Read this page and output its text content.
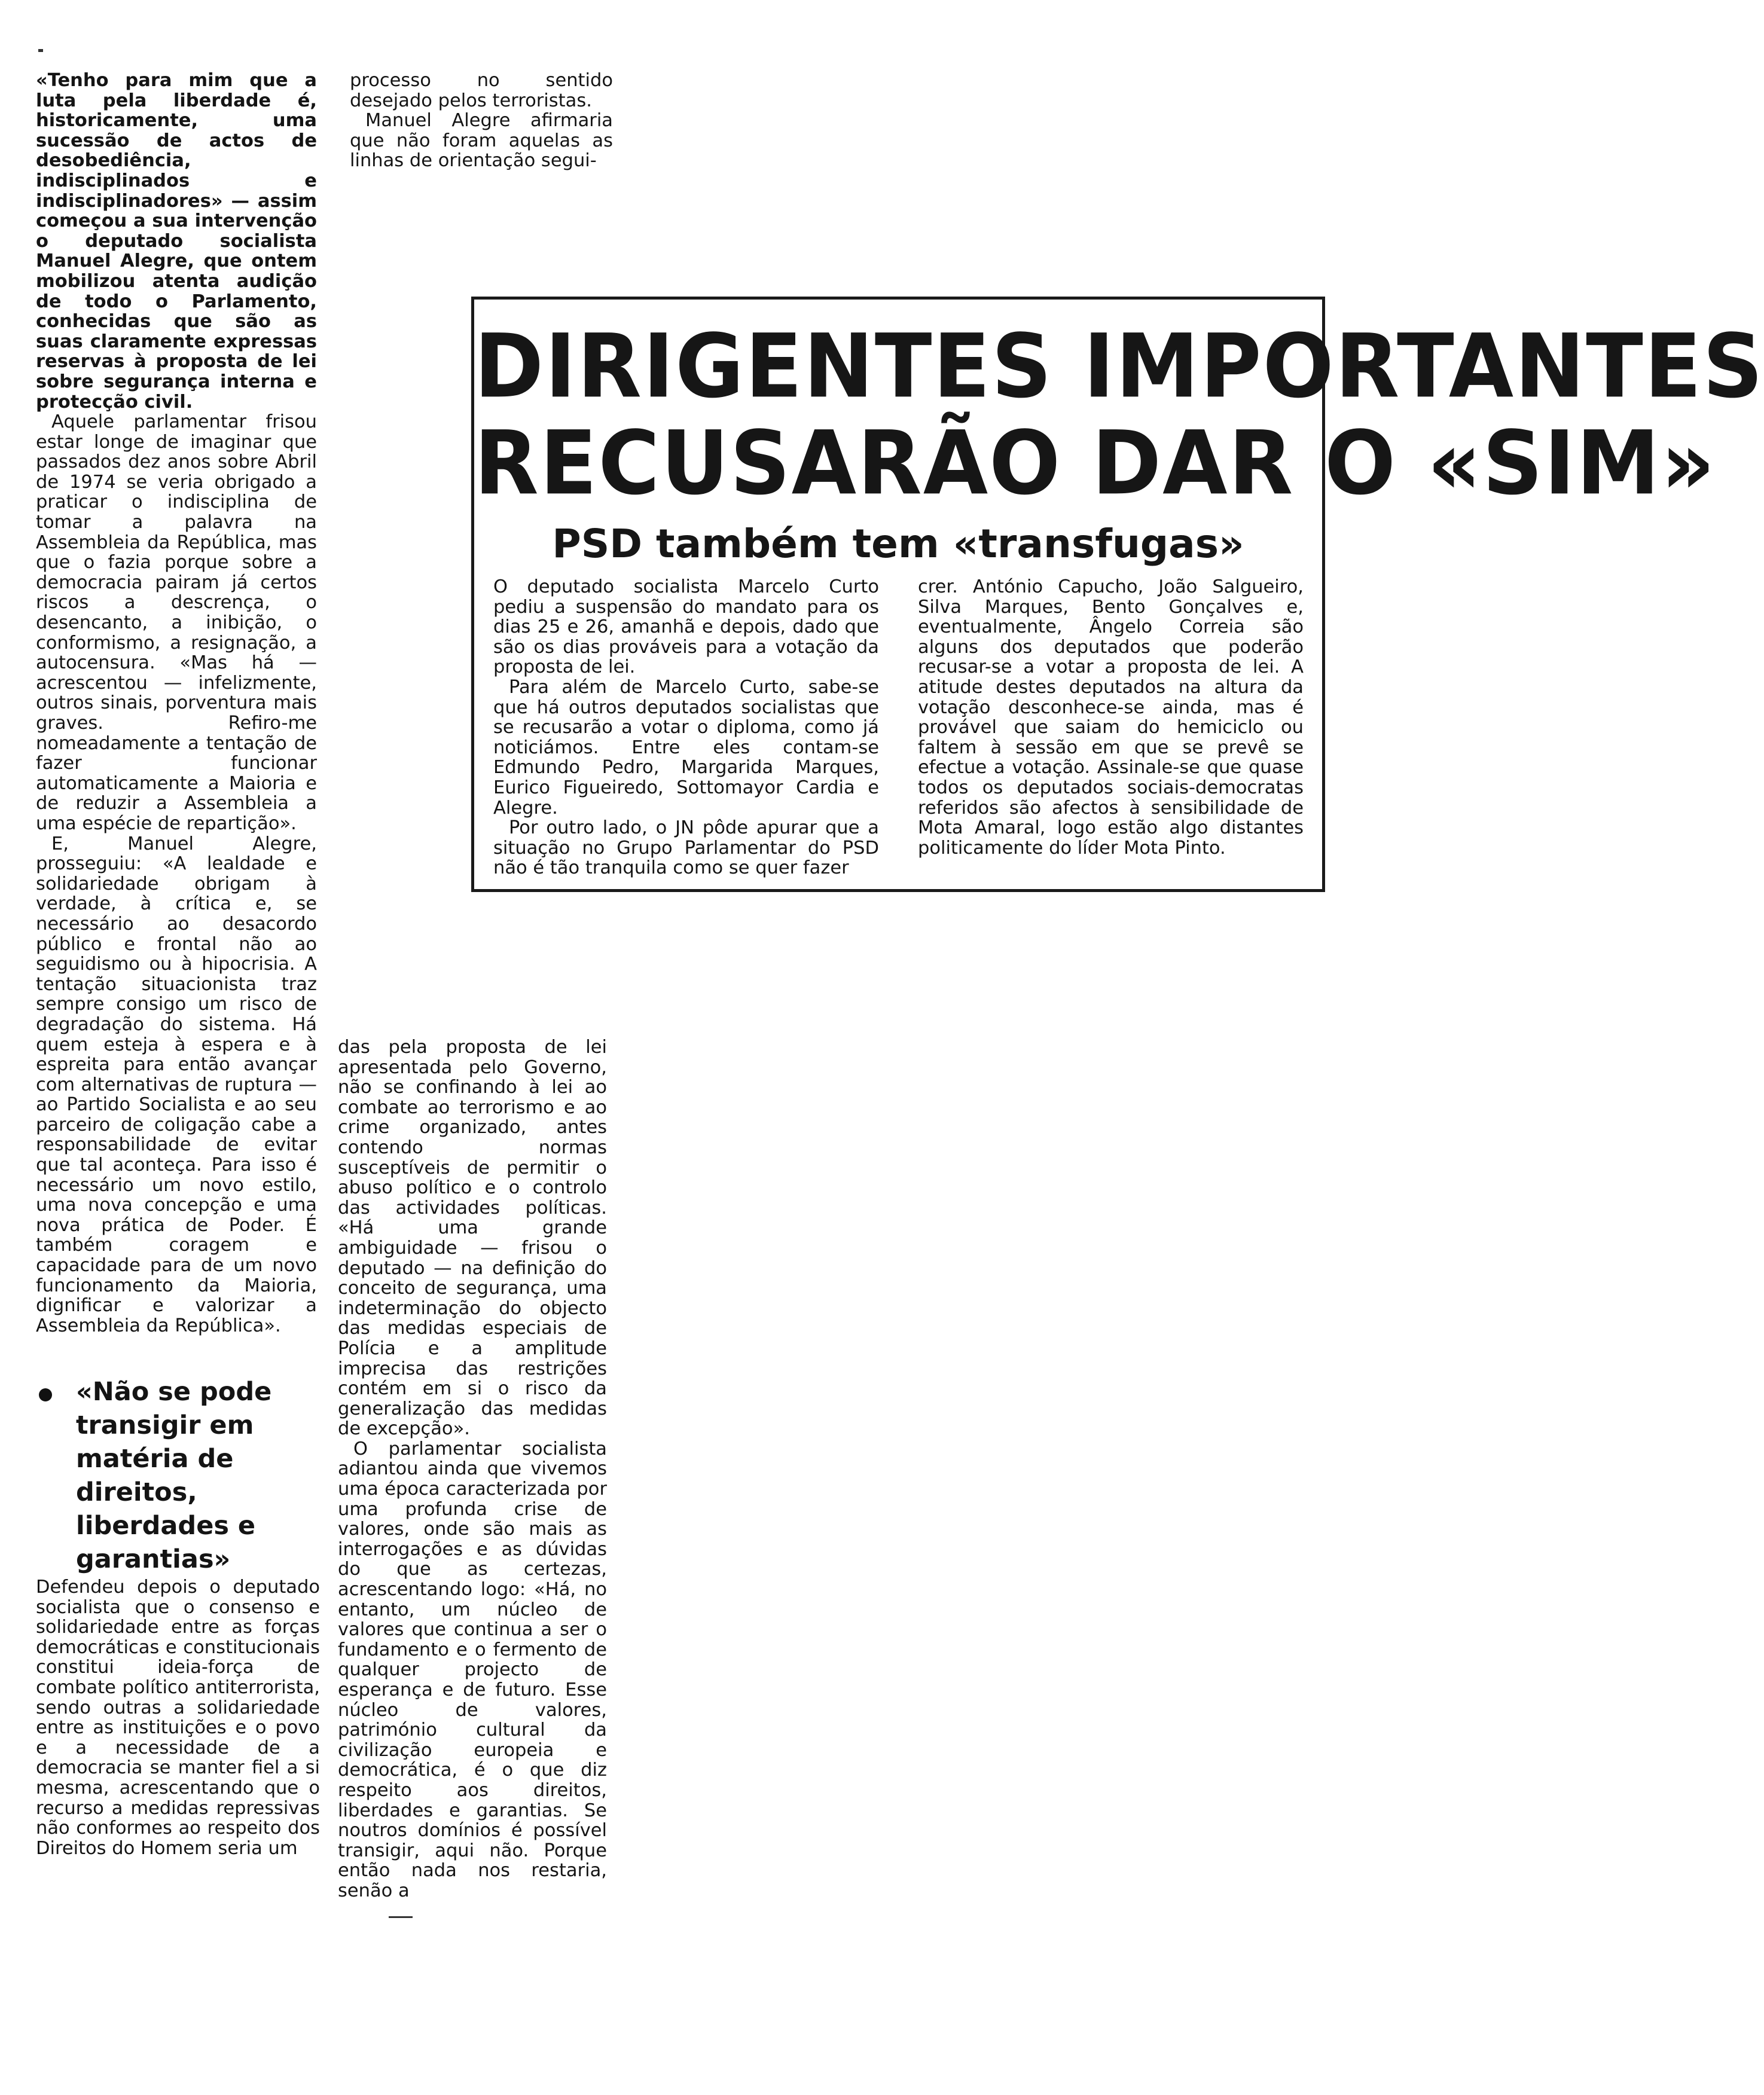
«Tenho para mim que a luta pela liberdade é, historicamente, uma sucessão de actos de desobediência, indisciplinados e indisciplinadores» — assim começou a sua intervenção o deputado socialista Manuel Alegre, que ontem mobilizou atenta audição de todo o Parlamento, conhecidas que são as suas claramente expressas reservas à proposta de lei sobre segurança interna e protecção civil.

Aquele parlamentar frisou estar longe de imaginar que passados dez anos sobre Abril de 1974 se veria obrigado a praticar o indisciplina de tomar a palavra na Assembleia da República, mas que o fazia porque sobre a democracia pairam já certos riscos a descrença, o desencanto, a inibição, o conformismo, a resignação, a autocensura. «Mas há — acrescentou — infelizmente, outros sinais, porventura mais graves. Refiro-me nomeadamente a tentação de fazer funcionar automaticamente a Maioria e de reduzir a Assembleia a uma espécie de repartição».

E, Manuel Alegre, prosseguiu: «A lealdade e solidariedade obrigam à verdade, à crítica e, se necessário ao desacordo público e frontal não ao seguidismo ou à hipocrisia. A tentação situacionista traz sempre consigo um risco de degradação do sistema. Há quem esteja à espera e à espreita para então avançar com alternativas de ruptura — ao Partido Socialista e ao seu parceiro de coligação cabe a responsabilidade de evitar que tal aconteça. Para isso é necessário um novo estilo, uma nova concepção e uma nova prática de Poder. É também coragem e capacidade para de um novo funcionamento da Maioria, dignificar e valorizar a Assembleia da República».

«Não se pode transigir em matéria de direitos, liberdades e garantias»

Defendeu depois o deputado socialista que o consenso e solidariedade entre as forças democráticas e constitucionais constitui ideia-força de combate político antiterrorista, sendo outras a solidariedade entre as instituições e o povo e a necessidade de a democracia se manter fiel a si mesma, acrescentando que o recurso a medidas repressivas não conformes ao respeito dos Direitos do Homem seria um

processo no sentido desejado pelos terroristas.

Manuel Alegre afirmaria que não foram aquelas as linhas de orientação segui-

DIRIGENTES IMPORTANTES
RECUSARÃO DAR O «SIM»
PSD também tem «transfugas»

O deputado socialista Marcelo Curto pediu a suspensão do mandato para os dias 25 e 26, amanhã e depois, dado que são os dias prováveis para a votação da proposta de lei.

Para além de Marcelo Curto, sabe-se que há outros deputados socialistas que se recusarão a votar o diploma, como já noticiámos. Entre eles contam-se Edmundo Pedro, Margarida Marques, Eurico Figueiredo, Sottomayor Cardia e Alegre.

Por outro lado, o JN pôde apurar que a situação no Grupo Parlamentar do PSD não é tão tranquila como se quer fazer

crer. António Capucho, João Salgueiro, Silva Marques, Bento Gonçalves e, eventualmente, Ângelo Correia são alguns dos deputados que poderão recusar-se a votar a proposta de lei. A atitude destes deputados na altura da votação desconhece-se ainda, mas é provável que saiam do hemiciclo ou faltem à sessão em que se prevê se efectue a votação. Assinale-se que quase todos os deputados sociais-democratas referidos são afectos à sensibilidade de Mota Amaral, logo estão algo distantes politicamente do líder Mota Pinto.

das pela proposta de lei apresentada pelo Governo, não se confinando à lei ao combate ao terrorismo e ao crime organizado, antes contendo normas susceptíveis de permitir o abuso político e o controlo das actividades políticas. «Há uma grande ambiguidade — frisou o deputado — na definição do conceito de segurança, uma indeterminação do objecto das medidas especiais de Polícia e a amplitude imprecisa das restrições contém em si o risco da generalização das medidas de excepção».

O parlamentar socialista adiantou ainda que vivemos uma época caracterizada por uma profunda crise de valores, onde são mais as interrogações e as dúvidas do que as certezas, acrescentando logo: «Há, no entanto, um núcleo de valores que continua a ser o fundamento e o fermento de qualquer projecto de esperança e de futuro. Esse núcleo de valores, património cultural da civilização europeia e democrática, é o que diz respeito aos direitos, liberdades e garantias. Se noutros domínios é possível transigir, aqui não. Porque então nada nos restaria, senão a
